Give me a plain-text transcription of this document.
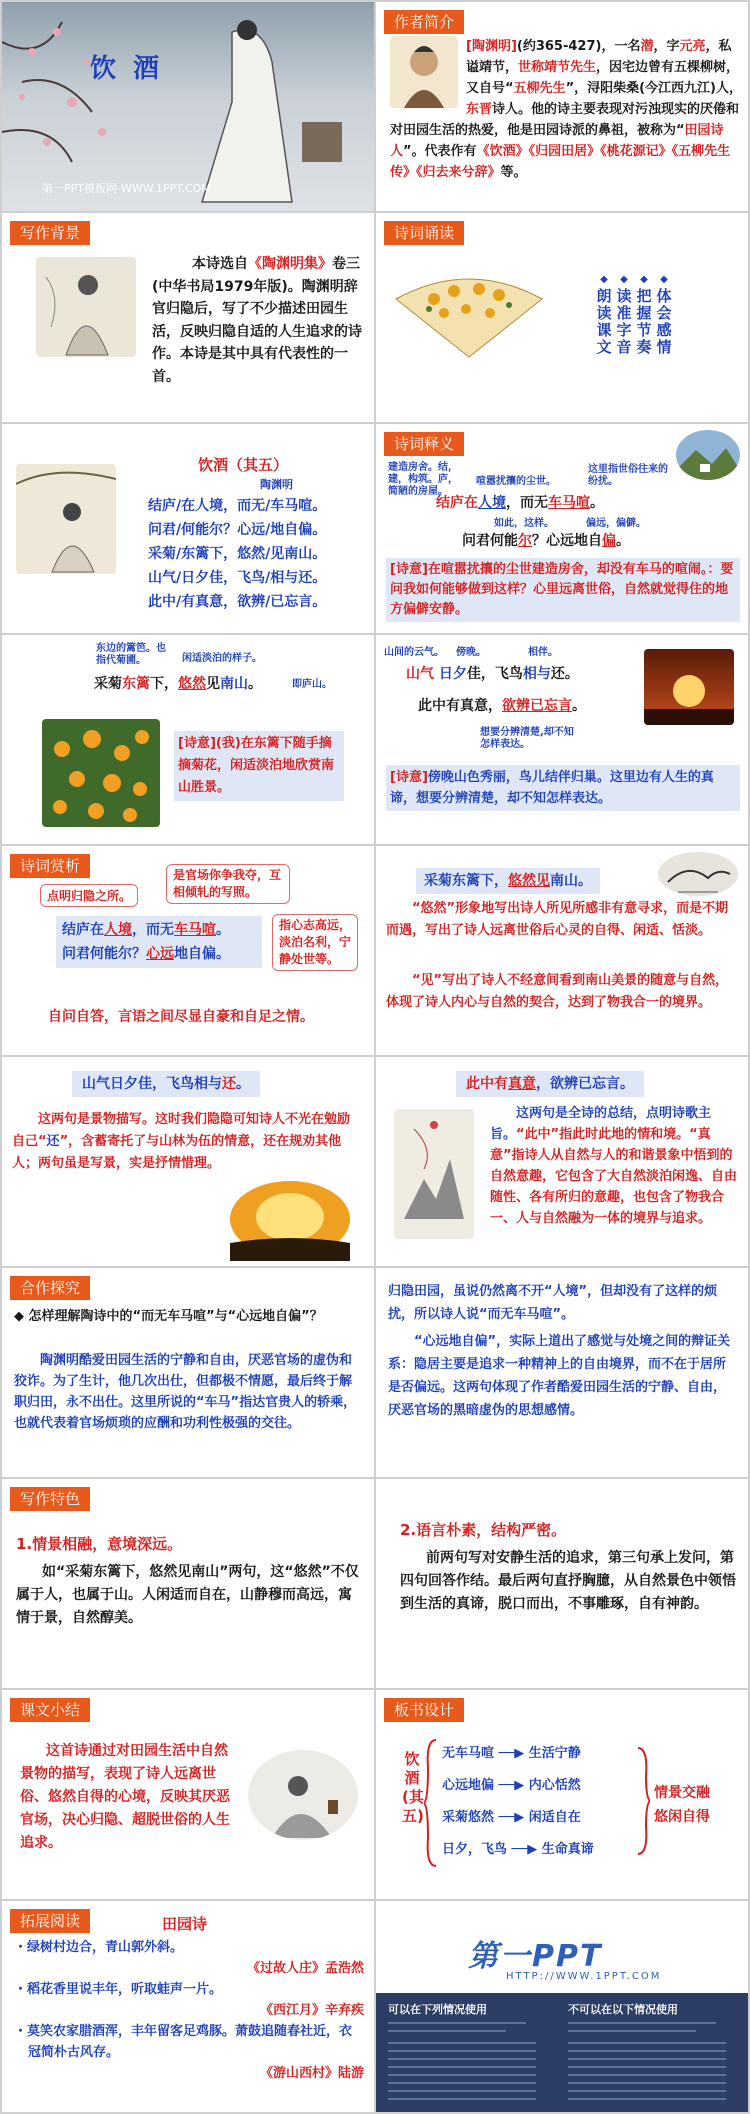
饮 酒
第一PPT模板网-WWW.1PPT.COM
作者简介
[陶渊明](约365-427)，一名潜，字元亮，私谥靖节，世称靖节先生，因宅边曾有五棵柳树，又自号“五柳先生”，浔阳柴桑(今江西九江)人，东晋诗人。他的诗主要表现对污浊现实的厌倦和对田园生活的热爱，他是田园诗派的鼻祖，被称为“田园诗人”。代表作有《饮酒》《归园田居》《桃花源记》《五柳先生传》《归去来兮辞》等。
写作背景
本诗选自《陶渊明集》卷三(中华书局1979年版)。陶渊明辞官归隐后，写了不少描述田园生活，反映归隐自适的人生追求的诗作。本诗是其中具有代表性的一首。
诗词诵读
◆
朗读课文
◆
读准字音
◆
把握节奏
◆
体会感情
饮酒（其五）
陶渊明
结庐/在人境，而无/车马喧。
问君/何能尔？心远/地自偏。
采菊/东篱下，悠然/见南山。
山气/日夕佳，飞鸟/相与还。
此中/有真意，欲辨/已忘言。
诗词释义
建造房舍。结，建，构筑。庐，简陋的房屋。
喧嚣扰攘的尘世。
这里指世俗往来的纷扰。
结庐在人境，而无车马喧。
如此，这样。	偏远，偏僻。
问君何能尔？心远地自偏。
[诗意]在喧嚣扰攘的尘世建造房舍，却没有车马的喧闹。：要问我如何能够做到这样？心里远离世俗，自然就觉得住的地方偏僻安静。
东边的篱笆。也指代菊圃。	闲适淡泊的样子。
即庐山。
采菊东篱下，悠然见南山。
[诗意](我)在东篱下随手摘摘菊花，闲适淡泊地欣赏南山胜景。
山间的云气。 傍晚。	相伴。
山气 日夕佳，飞鸟相与还。
此中有真意，欲辨已忘言。
想要分辨清楚,却不知怎样表达。
[诗意]傍晚山色秀丽，鸟儿结伴归巢。这里边有人生的真谛，想要分辨清楚，却不知怎样表达。
诗词赏析
点明归隐之所。
是官场你争我夺，互相倾轧的写照。
指心志高远，淡泊名利，宁静处世等。
结庐在人境，而无车马喧。
问君何能尔？心远地自偏。
自问自答，言语之间尽显自豪和自足之情。
采菊东篱下，悠然见南山。
“悠然”形象地写出诗人所见所感非有意寻求，而是不期而遇，写出了诗人远离世俗后心灵的自得、闲适、恬淡。
“见”写出了诗人不经意间看到南山美景的随意与自然，体现了诗人内心与自然的契合，达到了物我合一的境界。
山气日夕佳，飞鸟相与还。
这两句是景物描写。这时我们隐隐可知诗人不光在勉励自己“还”，含蓄寄托了与山林为伍的情意，还在规劝其他人；两句虽是写景，实是抒情惜理。
此中有真意，欲辨已忘言。
这两句是全诗的总结，点明诗歌主旨。“此中”指此时此地的情和境。“真意”指诗人从自然与人的和谐景象中悟到的自然意趣，它包含了大自然淡泊闲逸、自由随性、各有所归的意趣，也包含了物我合一、人与自然融为一体的境界与追求。
合作探究
◆ 怎样理解陶诗中的“而无车马喧”与“心远地自偏”？
陶渊明酷爱田园生活的宁静和自由，厌恶官场的虚伪和狡诈。为了生计，他几次出仕，但都极不情愿，最后终于解职归田，永不出仕。这里所说的“车马”指达官贵人的轿乘，也就代表着官场烦琐的应酬和功利性极强的交往。
归隐田园，虽说仍然离不开“人境”，但却没有了这样的烦扰，所以诗人说“而无车马喧”。
“心远地自偏”，实际上道出了感觉与处境之间的辩证关系：隐居主要是追求一种精神上的自由境界，而不在于居所是否偏远。这两句体现了作者酷爱田园生活的宁静、自由，厌恶官场的黑暗虚伪的思想感情。
写作特色
1.情景相融，意境深远。
如“采菊东篱下，悠然见南山”两句，这“悠然”不仅属于人，也属于山。人闲适而自在，山静穆而高远，寓情于景，自然醇美。
2.语言朴素，结构严密。
前两句写对安静生活的追求，第三句承上发问，第四句回答作结。最后两句直抒胸臆，从自然景色中领悟到生活的真谛，脱口而出，不事雕琢，自有神韵。
课文小结
这首诗通过对田园生活中自然景物的描写，表现了诗人远离世俗、悠然自得的心境，反映其厌恶官场，决心归隐、超脱世俗的人生追求。
板书设计
饮酒(其五)
无车马喧 ──▶ 生活宁静
心远地偏 ──▶ 内心恬然
采菊悠然 ──▶ 闲适自在
日夕，飞鸟 ──▶ 生命真谛
情景交融
悠闲自得
拓展阅读	田园诗
・绿树村边合，青山郭外斜。
《过故人庄》孟浩然
・稻花香里说丰年，听取蛙声一片。
《西江月》辛弃疾
・莫笑农家腊酒浑，丰年留客足鸡豚。萧鼓追随春社近，衣冠简朴古风存。
《游山西村》陆游
第一PPT
HTTP://WWW.1PPT.COM
可以在下列情况使用	不可以在以下情况使用
